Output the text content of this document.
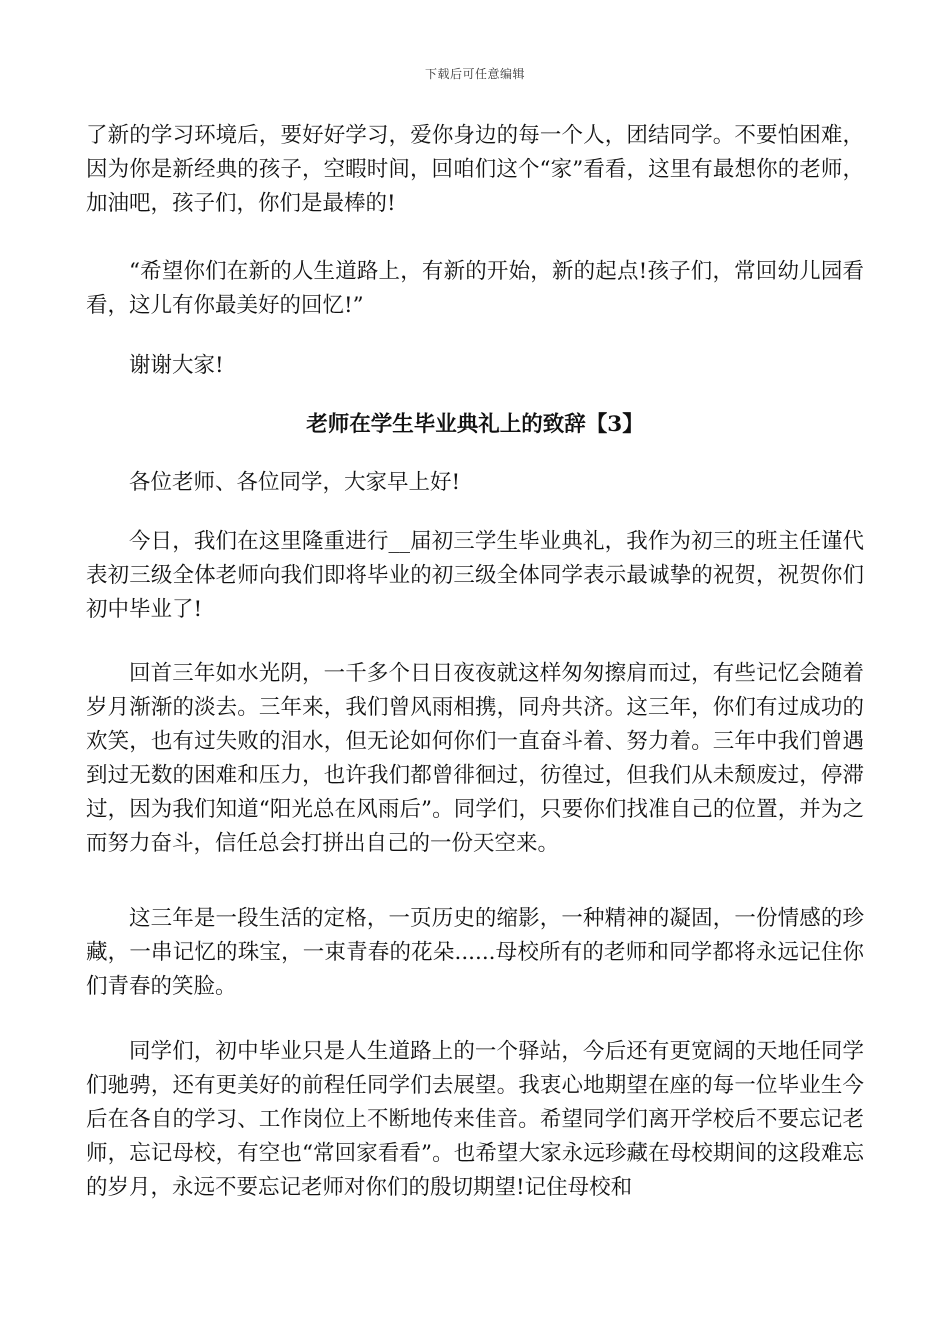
下载后可任意编辑

了新的学习环境后，要好好学习，爱你身边的每一个人，团结同学。不要怕困难，因为你是新经典的孩子，空暇时间，回咱们这个“家”看看，这里有最想你的老师，加油吧，孩子们，你们是最棒的!

“希望你们在新的人生道路上，有新的开始，新的起点!孩子们，常回幼儿园看看，这儿有你最美好的回忆!”

谢谢大家!

老师在学生毕业典礼上的致辞【3】

各位老师、各位同学，大家早上好!

今日，我们在这里隆重进行__届初三学生毕业典礼，我作为初三的班主任谨代表初三级全体老师向我们即将毕业的初三级全体同学表示最诚挚的祝贺，祝贺你们初中毕业了!

回首三年如水光阴，一千多个日日夜夜就这样匆匆擦肩而过，有些记忆会随着岁月渐渐的淡去。三年来，我们曾风雨相携，同舟共济。这三年，你们有过成功的欢笑，也有过失败的泪水，但无论如何你们一直奋斗着、努力着。三年中我们曾遇到过无数的困难和压力，也许我们都曾徘徊过，彷徨过，但我们从未颓废过，停滞过，因为我们知道“阳光总在风雨后”。同学们，只要你们找准自己的位置，并为之而努力奋斗，信任总会打拼出自己的一份天空来。

这三年是一段生活的定格，一页历史的缩影，一种精神的凝固，一份情感的珍藏，一串记忆的珠宝，一束青春的花朵......母校所有的老师和同学都将永远记住你们青春的笑脸。

同学们，初中毕业只是人生道路上的一个驿站，今后还有更宽阔的天地任同学们驰骋，还有更美好的前程任同学们去展望。我衷心地期望在座的每一位毕业生今后在各自的学习、工作岗位上不断地传来佳音。希望同学们离开学校后不要忘记老师，忘记母校，有空也“常回家看看”。也希望大家永远珍藏在母校期间的这段难忘的岁月，永远不要忘记老师对你们的殷切期望!记住母校和
